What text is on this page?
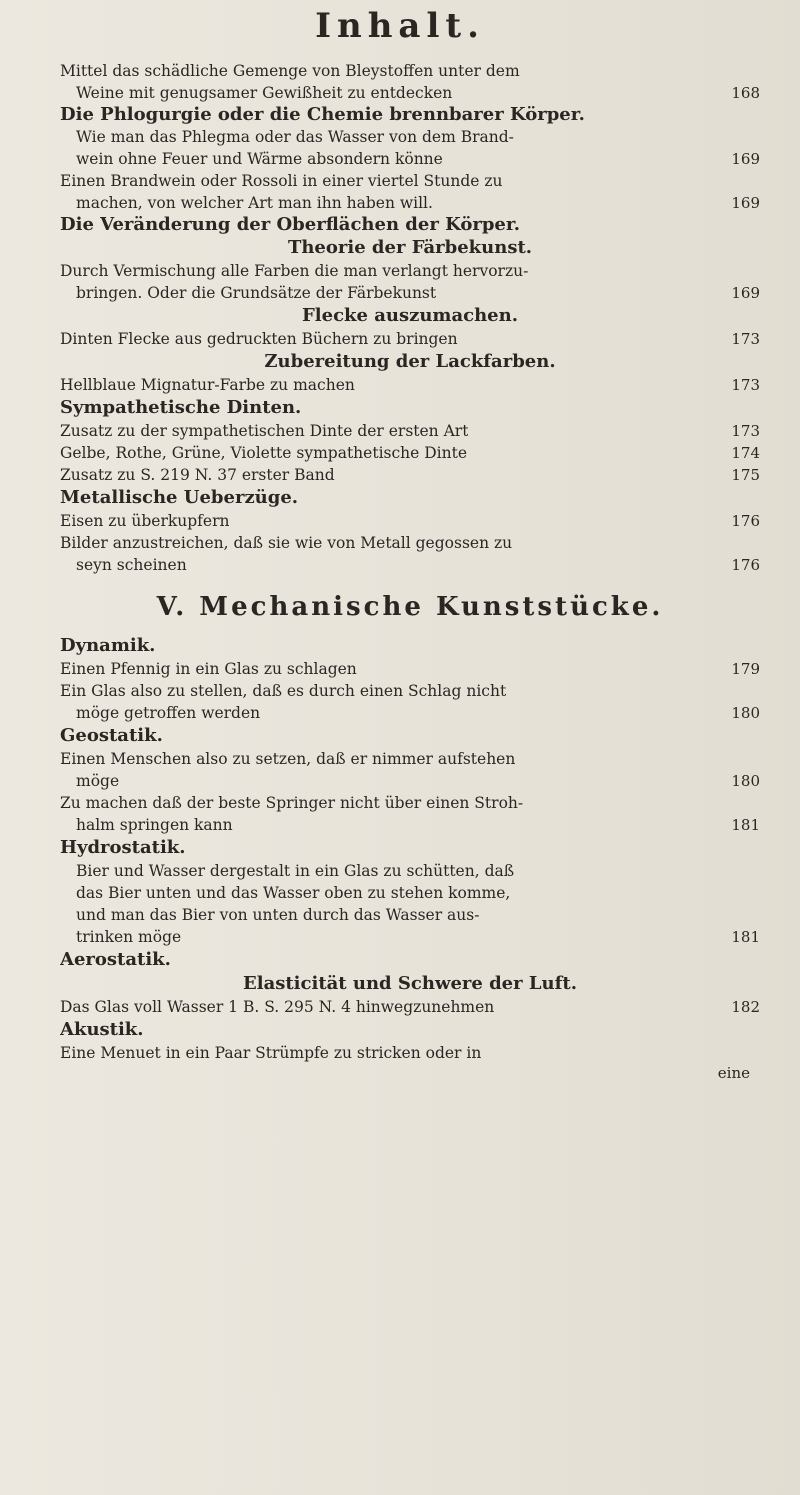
Inhalt.
Mittel das schädliche Gemenge von Bleystoffen unter dem
Weine mit genugsamer Gewißheit zu entdecken	168
Die Phlogurgie oder die Chemie brennbarer Körper.
Wie man das Phlegma oder das Wasser von dem Brand-
wein ohne Feuer und Wärme absondern könne	169
Einen Brandwein oder Rossoli in einer viertel Stunde zu
machen, von welcher Art man ihn haben will.	169
Die Veränderung der Oberflächen der Körper.
Theorie der Färbekunst.
Durch Vermischung alle Farben die man verlangt hervorzu-
bringen. Oder die Grundsätze der Färbekunst	169
Flecke auszumachen.
Dinten Flecke aus gedruckten Büchern zu bringen	173
Zubereitung der Lackfarben.
Hellblaue Mignatur-Farbe zu machen	173
Sympathetische Dinten.
Zusatz zu der sympathetischen Dinte der ersten Art	173
Gelbe, Rothe, Grüne, Violette sympathetische Dinte	174
Zusatz zu S. 219 N. 37 erster Band	175
Metallische Ueberzüge.
Eisen zu überkupfern	176
Bilder anzustreichen, daß sie wie von Metall gegossen zu
seyn scheinen	176
V. Mechanische Kunststücke.
Dynamik.
Einen Pfennig in ein Glas zu schlagen	179
Ein Glas also zu stellen, daß es durch einen Schlag nicht
möge getroffen werden	180
Geostatik.
Einen Menschen also zu setzen, daß er nimmer aufstehen
möge	180
Zu machen daß der beste Springer nicht über einen Stroh-
halm springen kann	181
Hydrostatik.
Bier und Wasser dergestalt in ein Glas zu schütten, daß
das Bier unten und das Wasser oben zu stehen komme,
und man das Bier von unten durch das Wasser aus-
trinken möge	181
Aerostatik.
Elasticität und Schwere der Luft.
Das Glas voll Wasser 1 B. S. 295 N. 4 hinwegzunehmen	182
Akustik.
Eine Menuet in ein Paar Strümpfe zu stricken oder in
eine
